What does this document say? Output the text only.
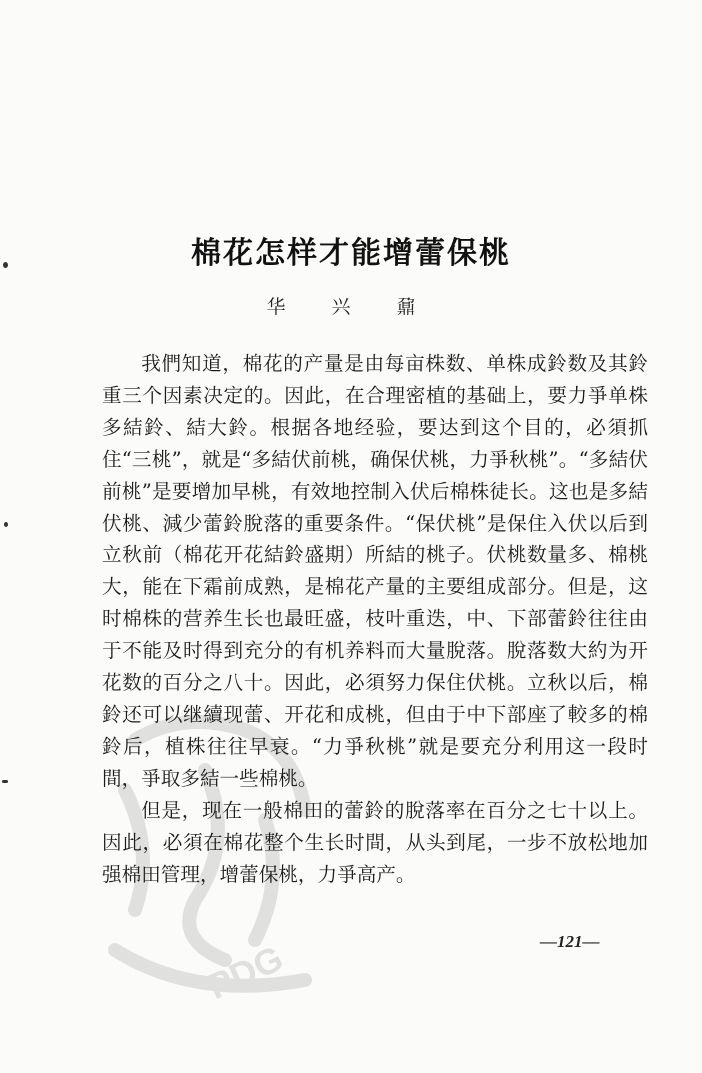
PDG
棉花怎样才能增蕾保桃
华 兴 鼐

我們知道，棉花的产量是由每亩株数、单株成鈴数及其鈴重三个因素决定的。因此，在合理密植的基础上，要力爭单株多結鈴、結大鈴。根据各地经验，要达到这个目的，必須抓住“三桃”，就是“多結伏前桃，确保伏桃，力爭秋桃”。“多結伏前桃”是要增加早桃，有效地控制入伏后棉株徒长。这也是多結伏桃、減少蕾鈴脫落的重要条件。“保伏桃”是保住入伏以后到立秋前（棉花开花結鈴盛期）所結的桃子。伏桃数量多、棉桃大，能在下霜前成熟，是棉花产量的主要组成部分。但是，这时棉株的营养生长也最旺盛，枝叶重迭，中、下部蕾鈴往往由于不能及时得到充分的有机养料而大量脫落。脫落数大約为开花数的百分之八十。因此，必須努力保住伏桃。立秋以后，棉鈴还可以继續现蕾、开花和成桃，但由于中下部座了較多的棉鈴后，植株往往早衰。“力爭秋桃”就是要充分利用这一段时間，爭取多結一些棉桃。

但是，现在一般棉田的蕾鈴的脫落率在百分之七十以上。因此，必須在棉花整个生长时間，从头到尾，一步不放松地加强棉田管理，增蕾保桃，力爭高产。

—121—
